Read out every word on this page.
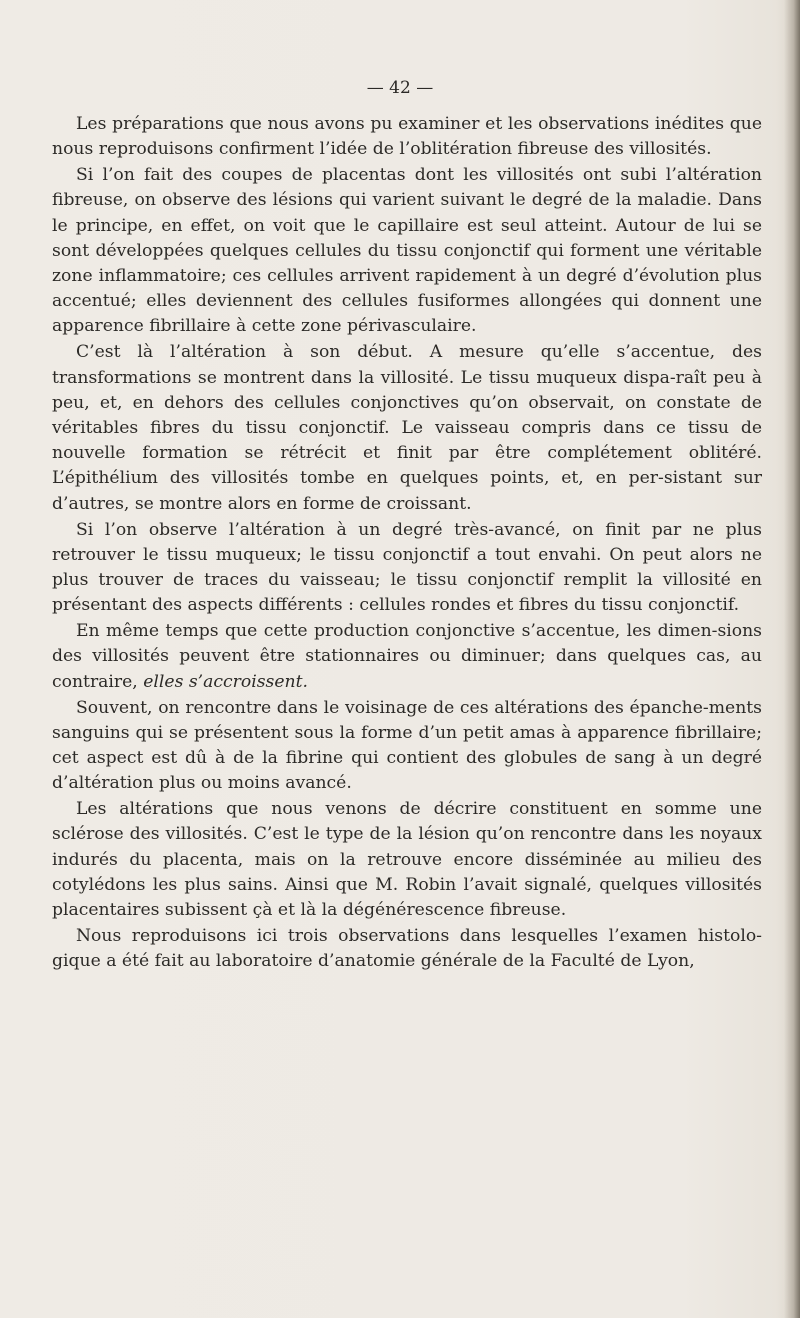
— 42 —

Les préparations que nous avons pu examiner et les observations inédites que nous reproduisons confirment l’idée de l’oblitération fibreuse des villosités.

Si l’on fait des coupes de placentas dont les villosités ont subi l’altération fibreuse, on observe des lésions qui varient suivant le degré de la maladie. Dans le principe, en effet, on voit que le capillaire est seul atteint. Autour de lui se sont développées quelques cellules du tissu conjonctif qui forment une véritable zone inflammatoire; ces cellules arrivent rapidement à un degré d’évolution plus accentué; elles deviennent des cellules fusiformes allongées qui donnent une apparence fibrillaire à cette zone périvasculaire.

C’est là l’altération à son début. A mesure qu’elle s’accentue, des transformations se montrent dans la villosité. Le tissu muqueux dispa-raît peu à peu, et, en dehors des cellules conjonctives qu’on observait, on constate de véritables fibres du tissu conjonctif. Le vaisseau compris dans ce tissu de nouvelle formation se rétrécit et finit par être complétement oblitéré. L’épithélium des villosités tombe en quelques points, et, en per-sistant sur d’autres, se montre alors en forme de croissant.

Si l’on observe l’altération à un degré très-avancé, on finit par ne plus retrouver le tissu muqueux; le tissu conjonctif a tout envahi. On peut alors ne plus trouver de traces du vaisseau; le tissu conjonctif remplit la villosité en présentant des aspects différents : cellules rondes et fibres du tissu conjonctif.

En même temps que cette production conjonctive s’accentue, les dimen-sions des villosités peuvent être stationnaires ou diminuer; dans quelques cas, au contraire, elles s’accroissent.

Souvent, on rencontre dans le voisinage de ces altérations des épanche-ments sanguins qui se présentent sous la forme d’un petit amas à apparence fibrillaire; cet aspect est dû à de la fibrine qui contient des globules de sang à un degré d’altération plus ou moins avancé.

Les altérations que nous venons de décrire constituent en somme une sclérose des villosités. C’est le type de la lésion qu’on rencontre dans les noyaux indurés du placenta, mais on la retrouve encore disséminée au milieu des cotylédons les plus sains. Ainsi que M. Robin l’avait signalé, quelques villosités placentaires subissent çà et là la dégénérescence fibreuse.

Nous reproduisons ici trois observations dans lesquelles l’examen histolo-gique a été fait au laboratoire d’anatomie générale de la Faculté de Lyon,
